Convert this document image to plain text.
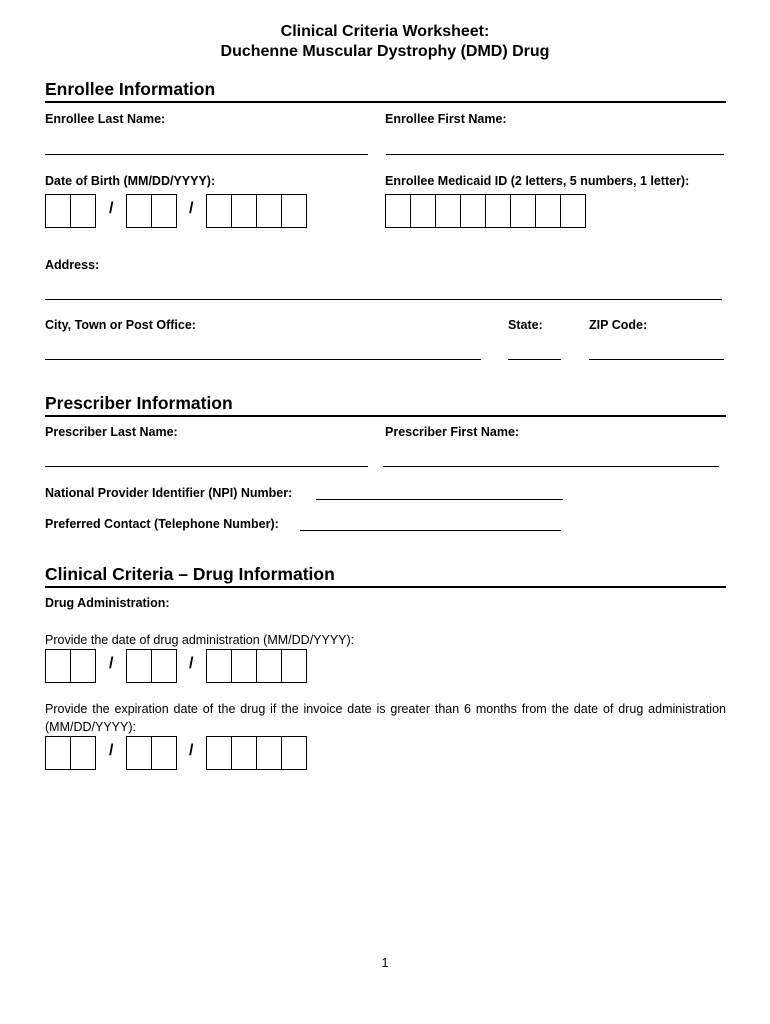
Clinical Criteria Worksheet:
Duchenne Muscular Dystrophy (DMD) Drug
Enrollee Information
Enrollee Last Name:	Enrollee First Name:
Date of Birth (MM/DD/YYYY):	Enrollee Medicaid ID (2 letters, 5 numbers, 1 letter):
/	/
Address:
City, Town or Post Office:	State:	ZIP Code:
Prescriber Information
Prescriber Last Name:	Prescriber First Name:
National Provider Identifier (NPI) Number:
Preferred Contact (Telephone Number):
Clinical Criteria – Drug Information
Drug Administration:
Provide the date of drug administration (MM/DD/YYYY):
/	/
Provide the expiration date of the drug if the invoice date is greater than 6 months from the date of drug administration (MM/DD/YYYY):
/	/
1
